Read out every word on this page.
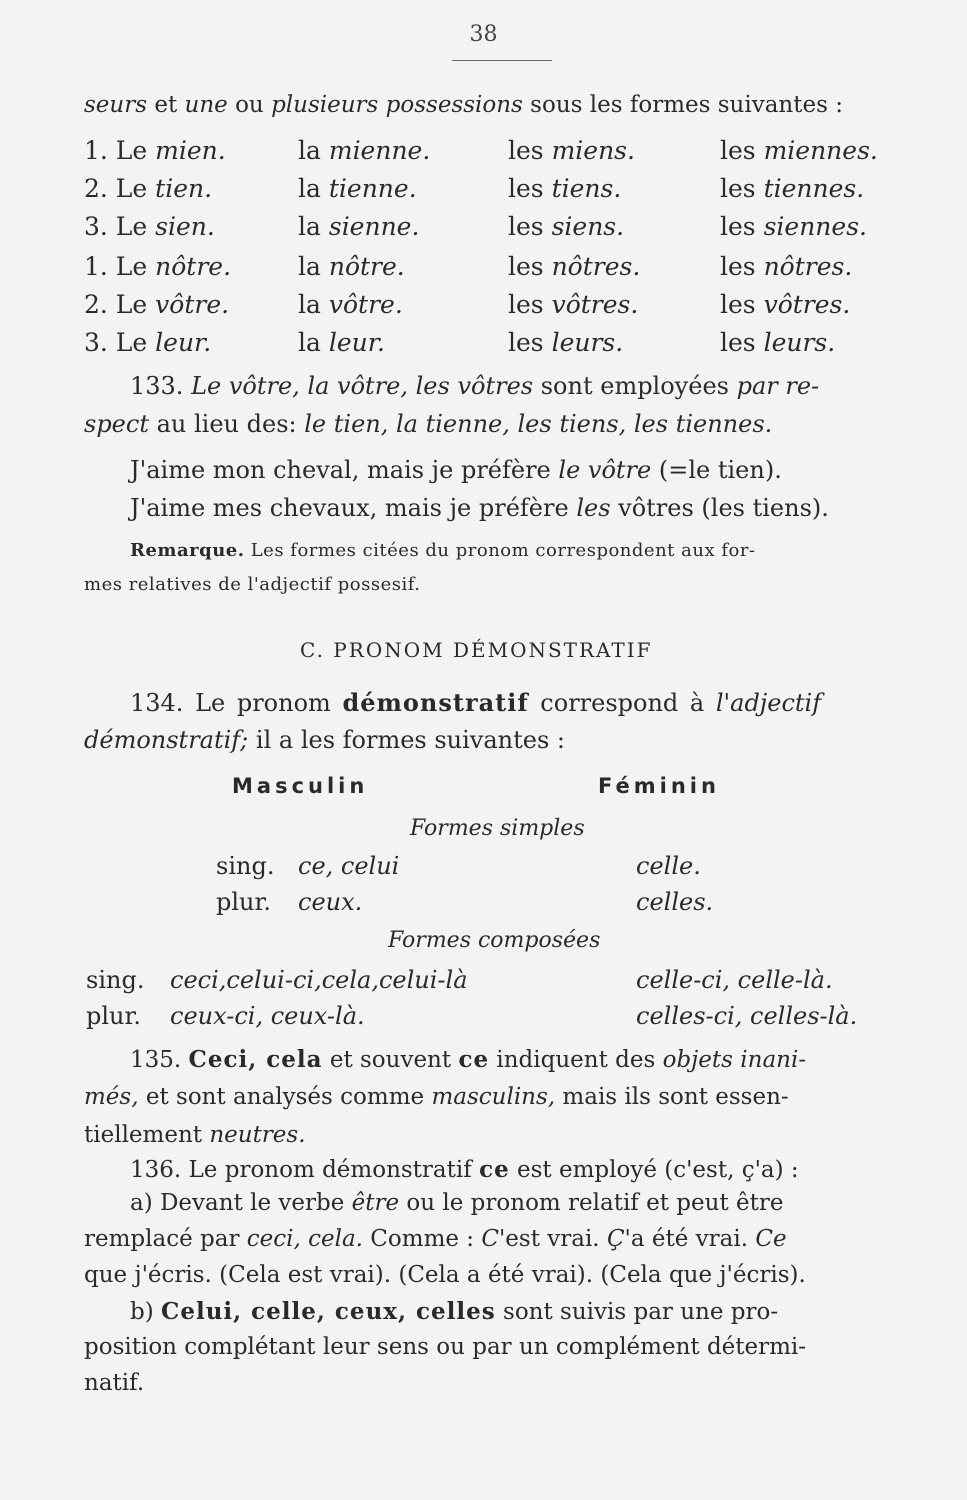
38
seurs et une ou plusieurs possessions sous les formes suivantes :
1. Le mien.	la mienne.	les miens.	les miennes.
2. Le tien.	la tienne.	les tiens.	les tiennes.
3. Le sien.	la sienne.	les siens.	les siennes.
1. Le nôtre.	la nôtre.	les nôtres.	les nôtres.
2. Le vôtre.	la vôtre.	les vôtres.	les vôtres.
3. Le leur.	la leur.	les leurs.	les leurs.
133. Le vôtre, la vôtre, les vôtres sont employées par re-
spect au lieu des: le tien, la tienne, les tiens, les tiennes.
J'aime mon cheval, mais je préfère le vôtre (=le tien).
J'aime mes chevaux, mais je préfère les vôtres (les tiens).
Remarque. Les formes citées du pronom correspondent aux for-
mes relatives de l'adjectif possesif.
C. PRONOM DÉMONSTRATIF
134. Le pronom démonstratif correspond à l'adjectif
démonstratif; il a les formes suivantes :
Masculin	Féminin
Formes simples
sing. ce, celui	celle.
plur. ceux.	celles.
Formes composées
sing. ceci,celui-ci,cela,celui-là	celle-ci, celle-là.
plur. ceux-ci, ceux-là.	celles-ci, celles-là.
135. Ceci, cela et souvent ce indiquent des objets inani-
més, et sont analysés comme masculins, mais ils sont essen-
tiellement neutres.
136. Le pronom démonstratif ce est employé (c'est, ç'a) :
a) Devant le verbe être ou le pronom relatif et peut être
remplacé par ceci, cela. Comme : C'est vrai. Ç'a été vrai. Ce
que j'écris. (Cela est vrai). (Cela a été vrai). (Cela que j'écris).
b) Celui, celle, ceux, celles sont suivis par une pro-
position complétant leur sens ou par un complément détermi-
natif.
